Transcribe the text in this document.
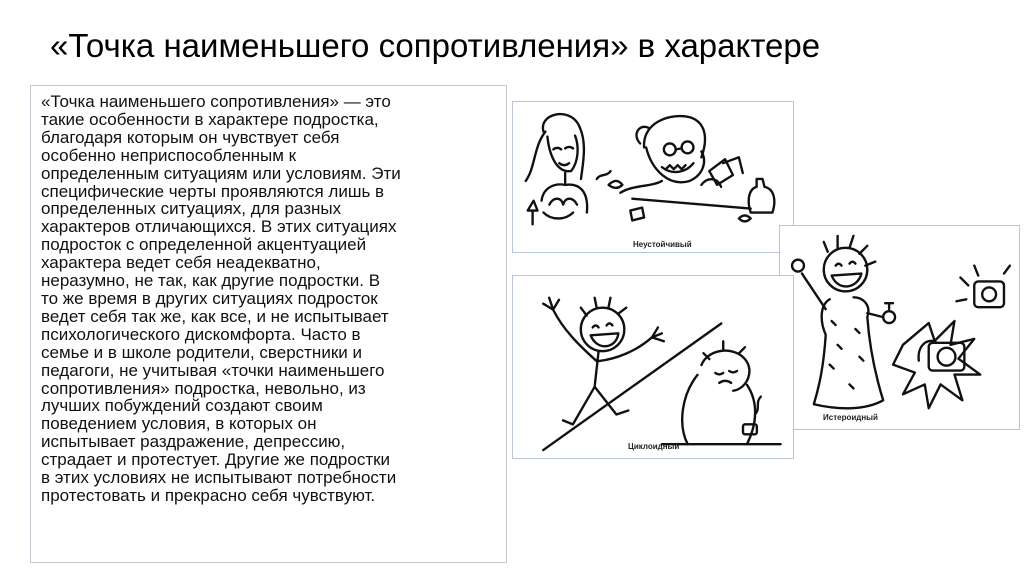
«Точка наименьшего сопротивления» в характере
«Точка наименьшего сопротивления» — это
такие особенности в характере подростка,
благодаря которым он чувствует себя
особенно неприспособленным к
определенным ситуациям или условиям. Эти
специфические черты проявляются лишь в
определенных ситуациях, для разных
характеров отличающихся. В этих ситуациях
подросток с определенной акцентуацией
характера ведет себя неадекватно,
неразумно, не так, как другие подростки. В
то же время в других ситуациях подросток
ведет себя так же, как все, и не испытывает
психологического дискомфорта. Часто в
семье и в школе родители, сверстники и
педагоги, не учитывая «точки наименьшего
сопротивления» подростка, невольно, из
лучших побуждений создают своим
поведением условия, в которых он
испытывает раздражение, депрессию,
страдает и протестует. Другие же подростки
в этих условиях не испытывают потребности
протестовать и прекрасно себя чувствуют.
Неустойчивый
Истероидный
Циклоидный
